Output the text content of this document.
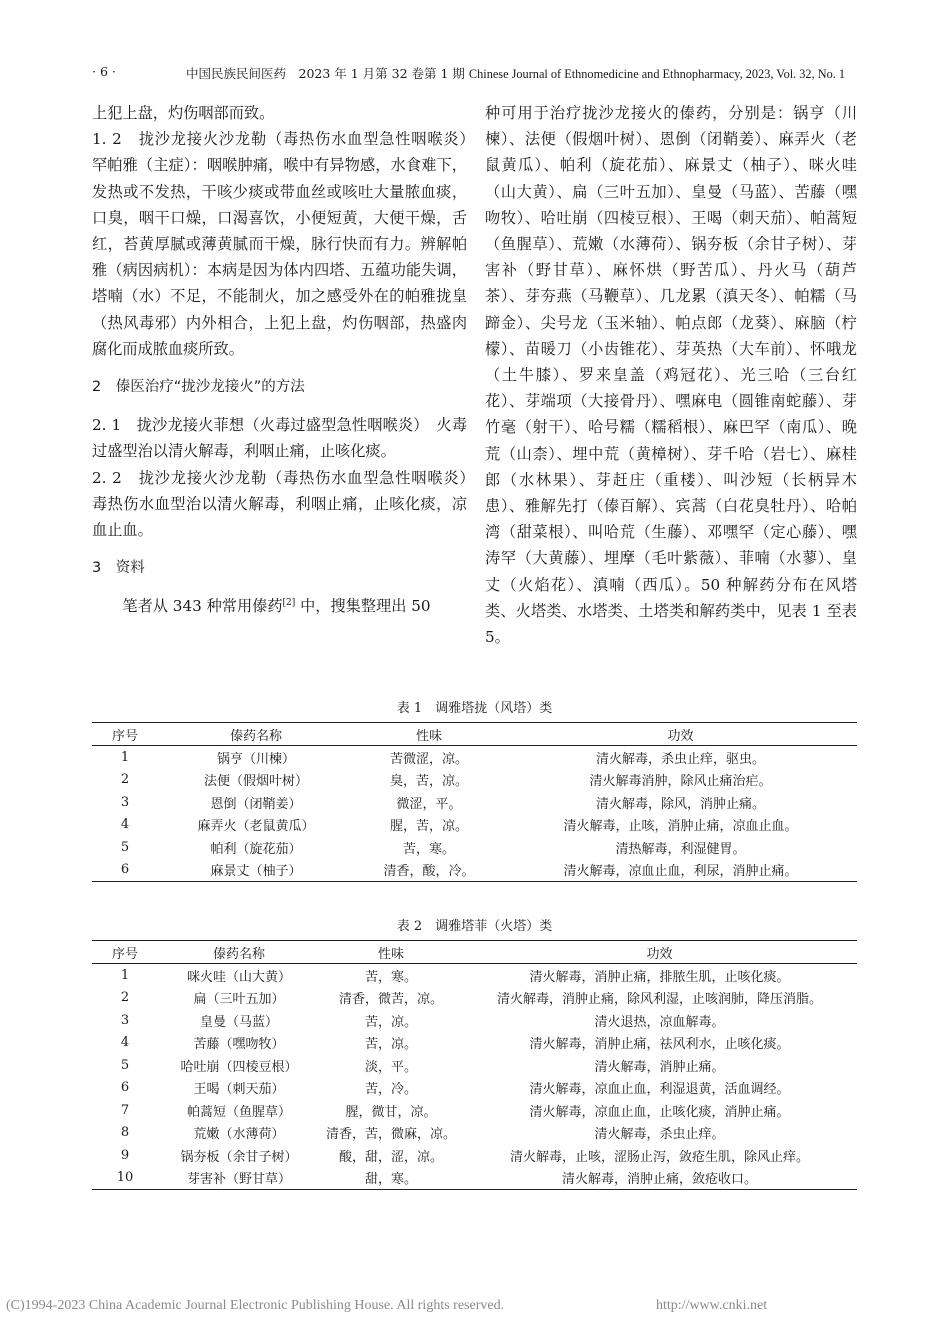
· 6 ·	中国民族民间医药　2023 年 1 月第 32 卷第 1 期 Chinese Journal of Ethnomedicine and Ethnopharmacy, 2023, Vol. 32, No. 1

上犯上盘，灼伤咽部而致。

1. 2　拢沙龙接火沙龙勒（毒热伤水血型急性咽喉炎）　罕帕雅（主症）：咽喉肿痛，喉中有异物感，水食难下，发热或不发热，干咳少痰或带血丝或咳吐大量脓血痰，口臭，咽干口燥，口渴喜饮，小便短黄，大便干燥，舌红，苔黄厚腻或薄黄腻而干燥，脉行快而有力。辨解帕雅（病因病机）：本病是因为体内四塔、五蕴功能失调，塔喃（水）不足，不能制火，加之感受外在的帕雅拢皇（热风毒邪）内外相合，上犯上盘，灼伤咽部，热盛肉腐化而成脓血痰所致。

2　傣医治疗“拢沙龙接火”的方法

2. 1　拢沙龙接火菲想（火毒过盛型急性咽喉炎）　火毒过盛型治以清火解毒，利咽止痛，止咳化痰。

2. 2　拢沙龙接火沙龙勒（毒热伤水血型急性咽喉炎）　毒热伤水血型治以清火解毒，利咽止痛，止咳化痰，凉血止血。

3　资料

笔者从 343 种常用傣药[2] 中，搜集整理出 50

种可用于治疗拢沙龙接火的傣药，分别是：锅亨（川楝）、法便（假烟叶树）、恩倒（闭鞘姜）、麻弄火（老鼠黄瓜）、帕利（旋花茄）、麻景丈（柚子）、咪火哇（山大黄）、扁（三叶五加）、皇曼（马蓝）、苦藤（嘿吻牧）、哈吐崩（四棱豆根）、王喝（刺天茄）、帕蒿短（鱼腥草）、荒嫩（水薄荷）、锅夯板（余甘子树）、芽害补（野甘草）、麻怀烘（野苦瓜）、丹火马（葫芦茶）、芽夯燕（马鞭草）、几龙累（滇天冬）、帕糯（马蹄金）、尖号龙（玉米轴）、帕点郎（龙葵）、麻脑（柠檬）、苗暖刀（小齿锥花）、芽英热（大车前）、怀哦龙（土牛膝）、罗来皇盖（鸡冠花）、光三哈（三台红花）、芽端项（大接骨丹）、嘿麻电（圆锥南蛇藤）、芽竹毫（射干）、哈号糯（糯稻根）、麻巴罕（南瓜）、晚荒（山柰）、埋中荒（黄樟树）、芽千哈（岩七）、麻桂郎（水林果）、芽赶庄（重楼）、叫沙短（长柄异木患）、雅解先打（傣百解）、宾蒿（白花臭牡丹）、哈帕湾（甜菜根）、叫哈荒（生藤）、邓嘿罕（定心藤）、嘿涛罕（大黄藤）、埋摩（毛叶紫薇）、菲喃（水蓼）、皇丈（火焰花）、滇喃（西瓜）。50 种解药分布在风塔类、火塔类、水塔类、土塔类和解药类中，见表 1 至表 5。

表 1　调雅塔拢（风塔）类
序号	傣药名称	性味	功效
1	锅亨（川楝）	苦微涩，凉。	清火解毒，杀虫止痒，驱虫。
2	法便（假烟叶树）	臭，苦，凉。	清火解毒消肿，除风止痛治疟。
3	恩倒（闭鞘姜）	微涩，平。	清火解毒，除风，消肿止痛。
4	麻弄火（老鼠黄瓜）	腥，苦，凉。	清火解毒，止咳，消肿止痛，凉血止血。
5	帕利（旋花茄）	苦，寒。	清热解毒，利湿健胃。
6	麻景丈（柚子）	清香，酸，冷。	清火解毒，凉血止血，利尿，消肿止痛。
表 2　调雅塔菲（火塔）类
序号	傣药名称	性味	功效
1	咪火哇（山大黄）	苦，寒。	清火解毒，消肿止痛，排脓生肌，止咳化痰。
2	扁（三叶五加）	清香，微苦，凉。	清火解毒，消肿止痛，除风利湿，止咳润肺，降压消脂。
3	皇曼（马蓝）	苦，凉。	清火退热，凉血解毒。
4	苦藤（嘿吻牧）	苦，凉。	清火解毒，消肿止痛，祛风利水，止咳化痰。
5	哈吐崩（四棱豆根）	淡，平。	清火解毒，消肿止痛。
6	王喝（刺天茄）	苦，冷。	清火解毒，凉血止血，利湿退黄，活血调经。
7	帕蒿短（鱼腥草）	腥，微甘，凉。	清火解毒，凉血止血，止咳化痰，消肿止痛。
8	荒嫩（水薄荷）	清香，苦，微麻，凉。	清火解毒，杀虫止痒。
9	锅夯板（余甘子树）	酸，甜，涩，凉。	清火解毒，止咳，涩肠止泻，敛疮生肌，除风止痒。
10	芽害补（野甘草）	甜，寒。	清火解毒，消肿止痛，敛疮收口。
(C)1994-2023 China Academic Journal Electronic Publishing House. All rights reserved.	http://www.cnki.net
